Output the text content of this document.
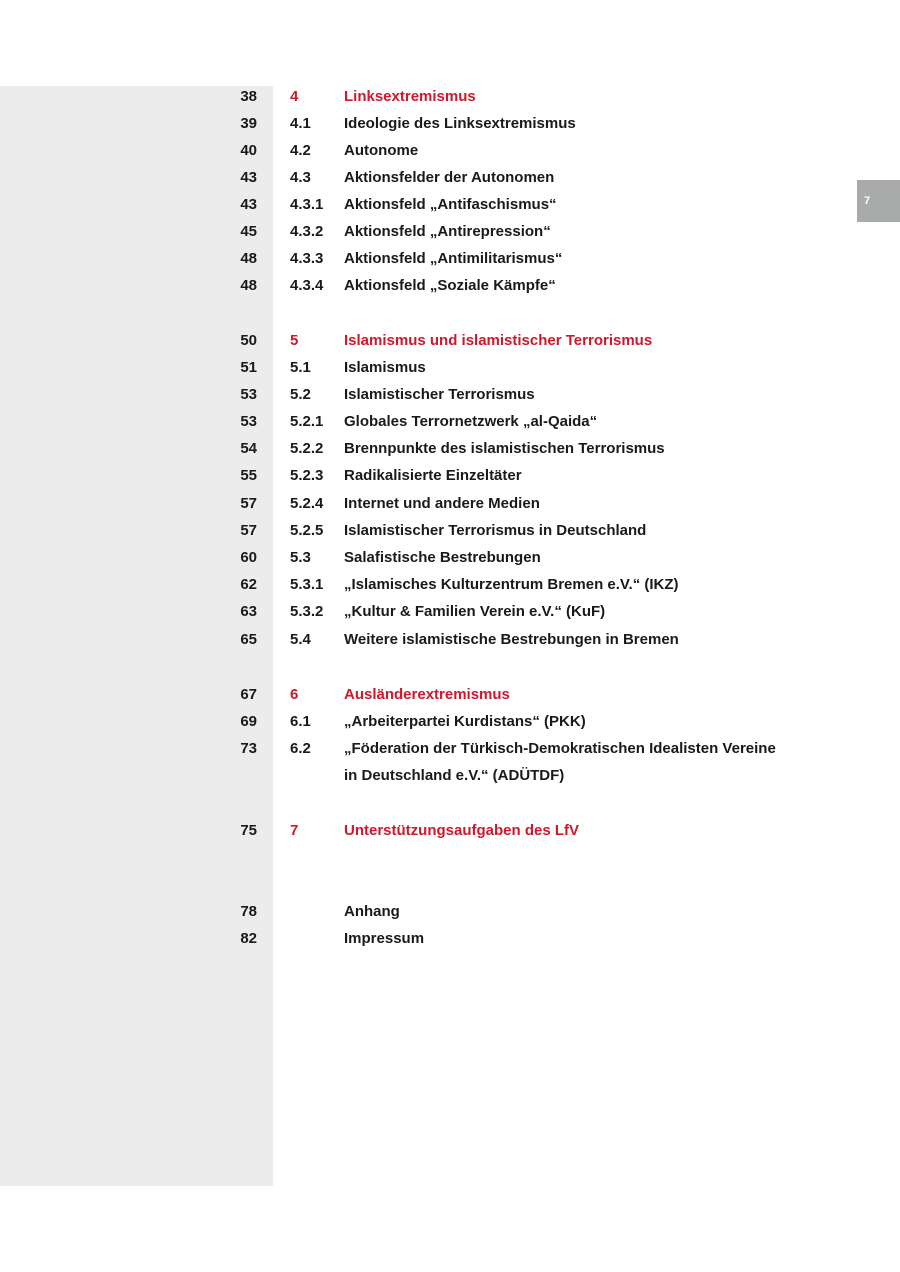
7
38 4	Linksextremismus
39 4.1 Ideologie des Linksextremismus
40 4.2 Autonome
43 4.3 Aktionsfelder der Autonomen
43 4.3.1 Aktionsfeld „Antifaschismus“
45 4.3.2 Aktionsfeld „Antirepression“
48 4.3.3 Aktionsfeld „Antimilitarismus“
48 4.3.4 Aktionsfeld „Soziale Kämpfe“
50 5	Islamismus und islamistischer Terrorismus
51 5.1 Islamismus
53 5.2 Islamistischer Terrorismus
53 5.2.1 Globales Terrornetzwerk „al-Qaida“
54 5.2.2 Brennpunkte des islamistischen Terrorismus
55 5.2.3 Radikalisierte Einzeltäter
57 5.2.4 Internet und andere Medien
57 5.2.5 Islamistischer Terrorismus in Deutschland
60 5.3 Salafistische Bestrebungen
62 5.3.1 „Islamisches Kulturzentrum Bremen e.V.“ (IKZ)
63 5.3.2 „Kultur & Familien Verein e.V.“ (KuF)
65 5.4 Weitere islamistische Bestrebungen in Bremen
67 6	Ausländerextremismus
69 6.1 „Arbeiterpartei Kurdistans“ (PKK)
73 6.2 „Föderation der Türkisch-Demokratischen Idealisten Vereine
in Deutschland e.V.“ (ADÜTDF)
75 7	Unterstützungsaufgaben des LfV
78	Anhang
82	Impressum
